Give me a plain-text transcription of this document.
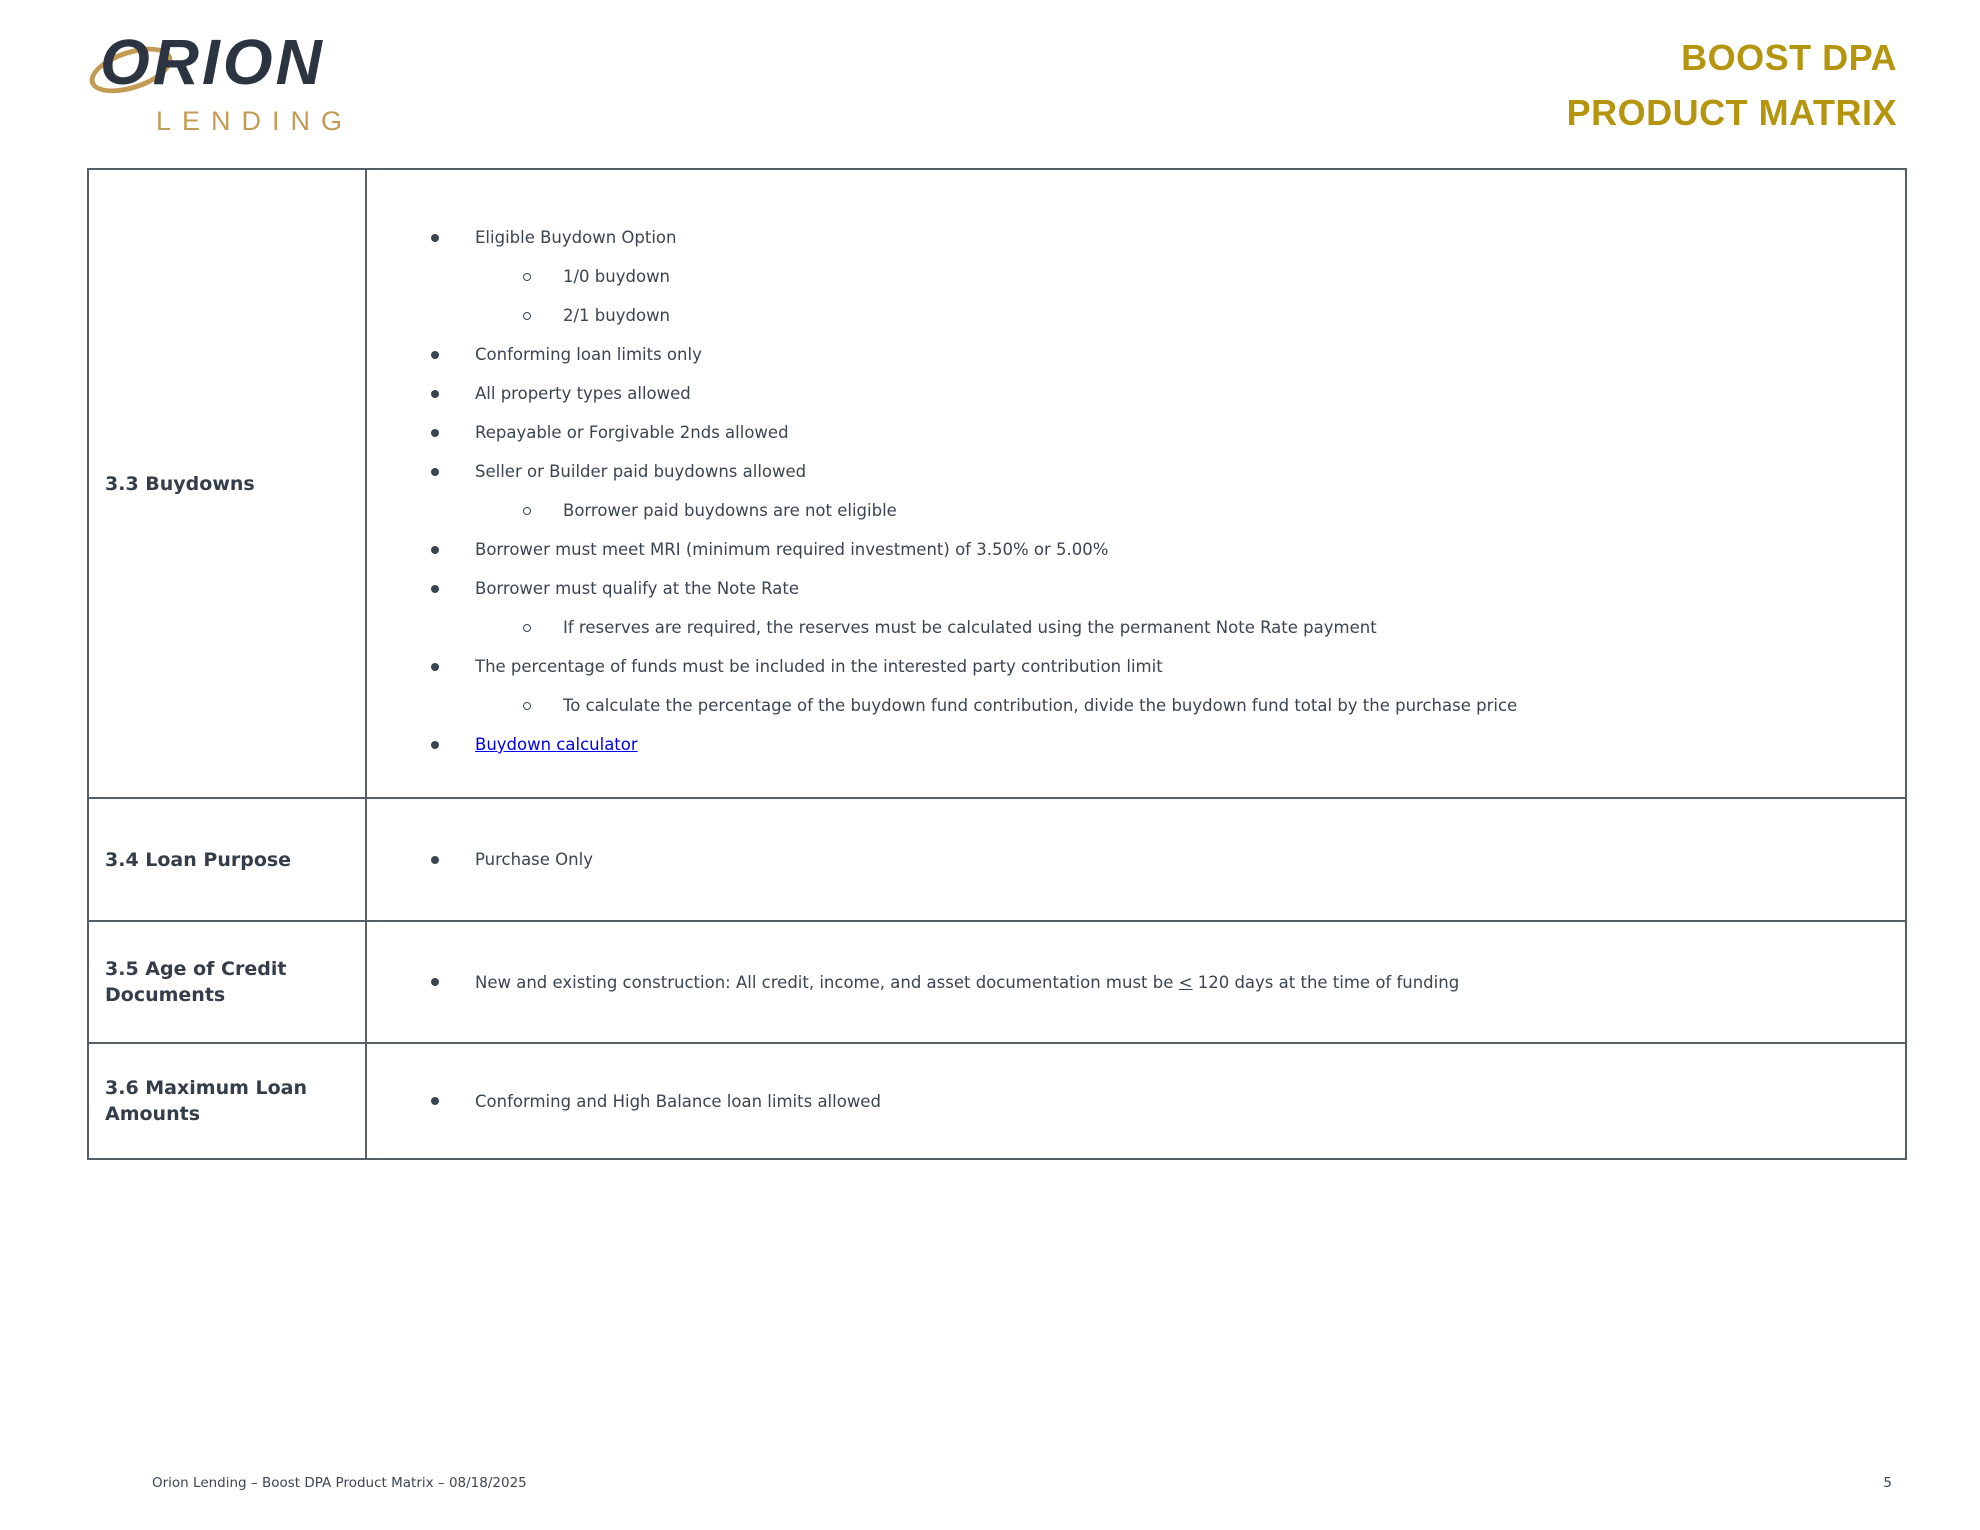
ORION
LENDING
BOOST DPA
PRODUCT MATRIX
3.3 Buydowns
Eligible Buydown Option
1/0 buydown
2/1 buydown
Conforming loan limits only
All property types allowed
Repayable or Forgivable 2nds allowed
Seller or Builder paid buydowns allowed
Borrower paid buydowns are not eligible
Borrower must meet MRI (minimum required investment) of 3.50% or 5.00%
Borrower must qualify at the Note Rate
If reserves are required, the reserves must be calculated using the permanent Note Rate payment
The percentage of funds must be included in the interested party contribution limit
To calculate the percentage of the buydown fund contribution, divide the buydown fund total by the purchase price
Buydown calculator
3.4 Loan Purpose	Purchase Only
3.5 Age of Credit Documents
New and existing construction: All credit, income, and asset documentation must be < 120 days at the time of funding
3.6 Maximum Loan Amounts
Conforming and High Balance loan limits allowed
Orion Lending – Boost DPA Product Matrix – 08/18/2025	5
